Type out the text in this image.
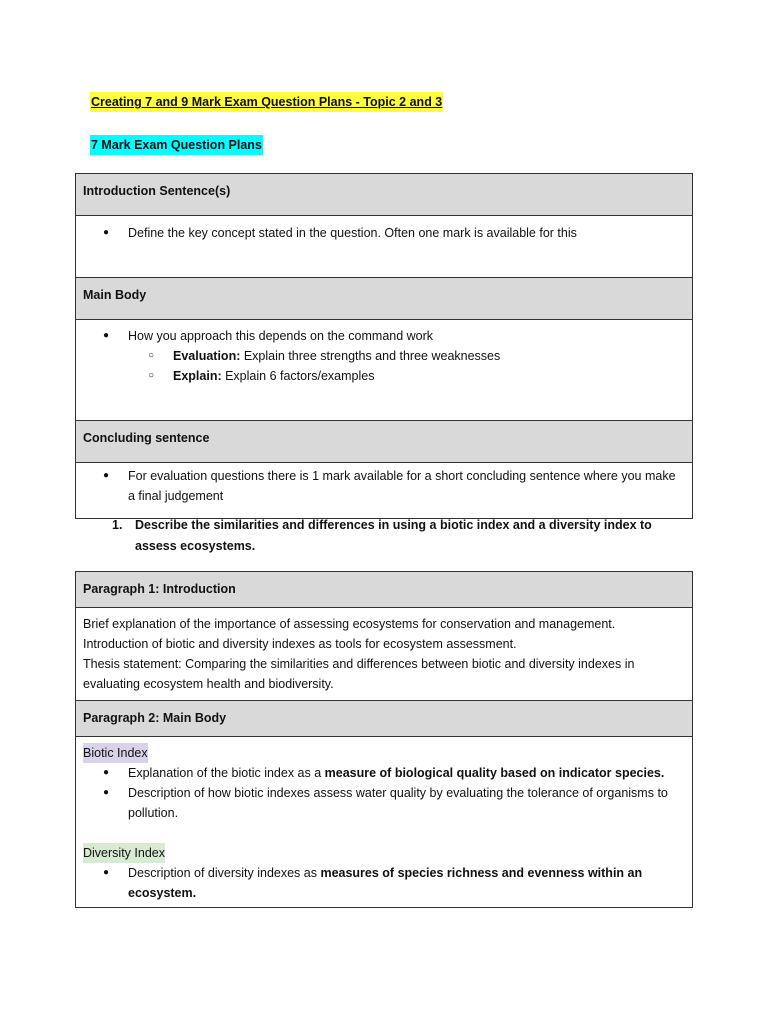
Creating 7 and 9 Mark Exam Question Plans - Topic 2 and 3
7 Mark Exam Question Plans
Introduction Sentence(s)

● Define the key concept stated in the question. Often one mark is available for this

Main Body

● How you approach this depends on the command work
○ Evaluation: Explain three strengths and three weaknesses
○ Explain: Explain 6 factors/examples

Concluding sentence

● For evaluation questions there is 1 mark available for a short concluding sentence where you make a final judgement
1.	Describe the similarities and differences in using a biotic index and a diversity index to assess ecosystems.
Paragraph 1: Introduction

Brief explanation of the importance of assessing ecosystems for conservation and management.
Introduction of biotic and diversity indexes as tools for ecosystem assessment.
Thesis statement: Comparing the similarities and differences between biotic and diversity indexes in evaluating ecosystem health and biodiversity.

Paragraph 2: Main Body
Biotic Index
● Explanation of the biotic index as a measure of biological quality based on indicator species.
● Description of how biotic indexes assess water quality by evaluating the tolerance of organisms to pollution.
Diversity Index
● Description of diversity indexes as measures of species richness and evenness within an ecosystem.
